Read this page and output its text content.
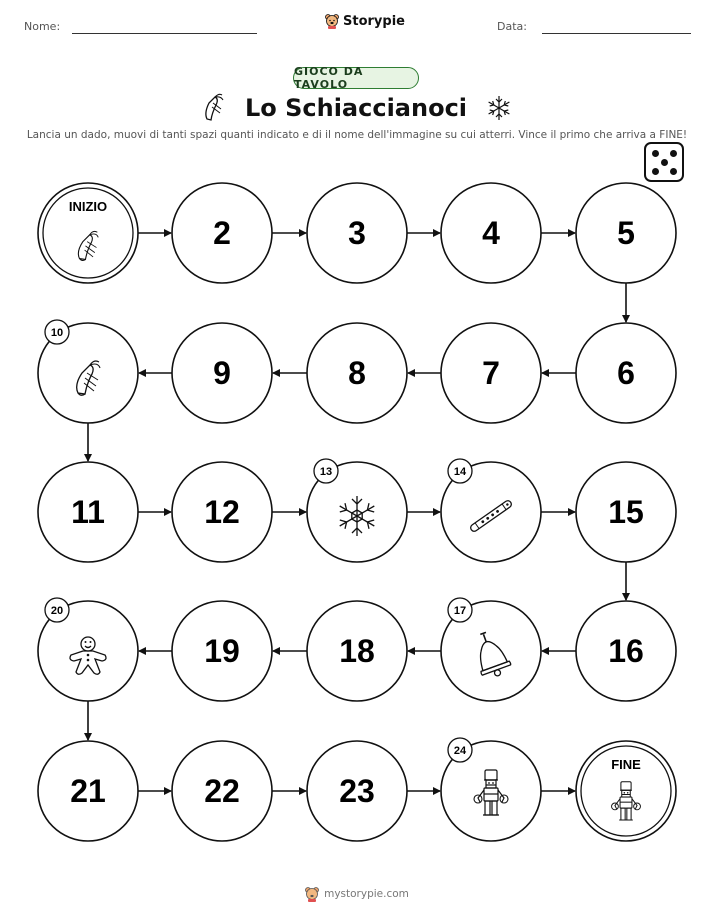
Nome:	Storypie	Data:
GIOCO DA TAVOLO
Lo Schiaccianoci
Lancia un dado, muovi di tanti spazi quanti indicato e di il nome dell'immagine su cui atterri. Vince il primo che arriva a FINE!
INIZIO
2	3	4	5
6
7
8
9
10
11	12
13	14
15
16
17
18
19
20
21	22	23
24
FINE
mystorypie.com
